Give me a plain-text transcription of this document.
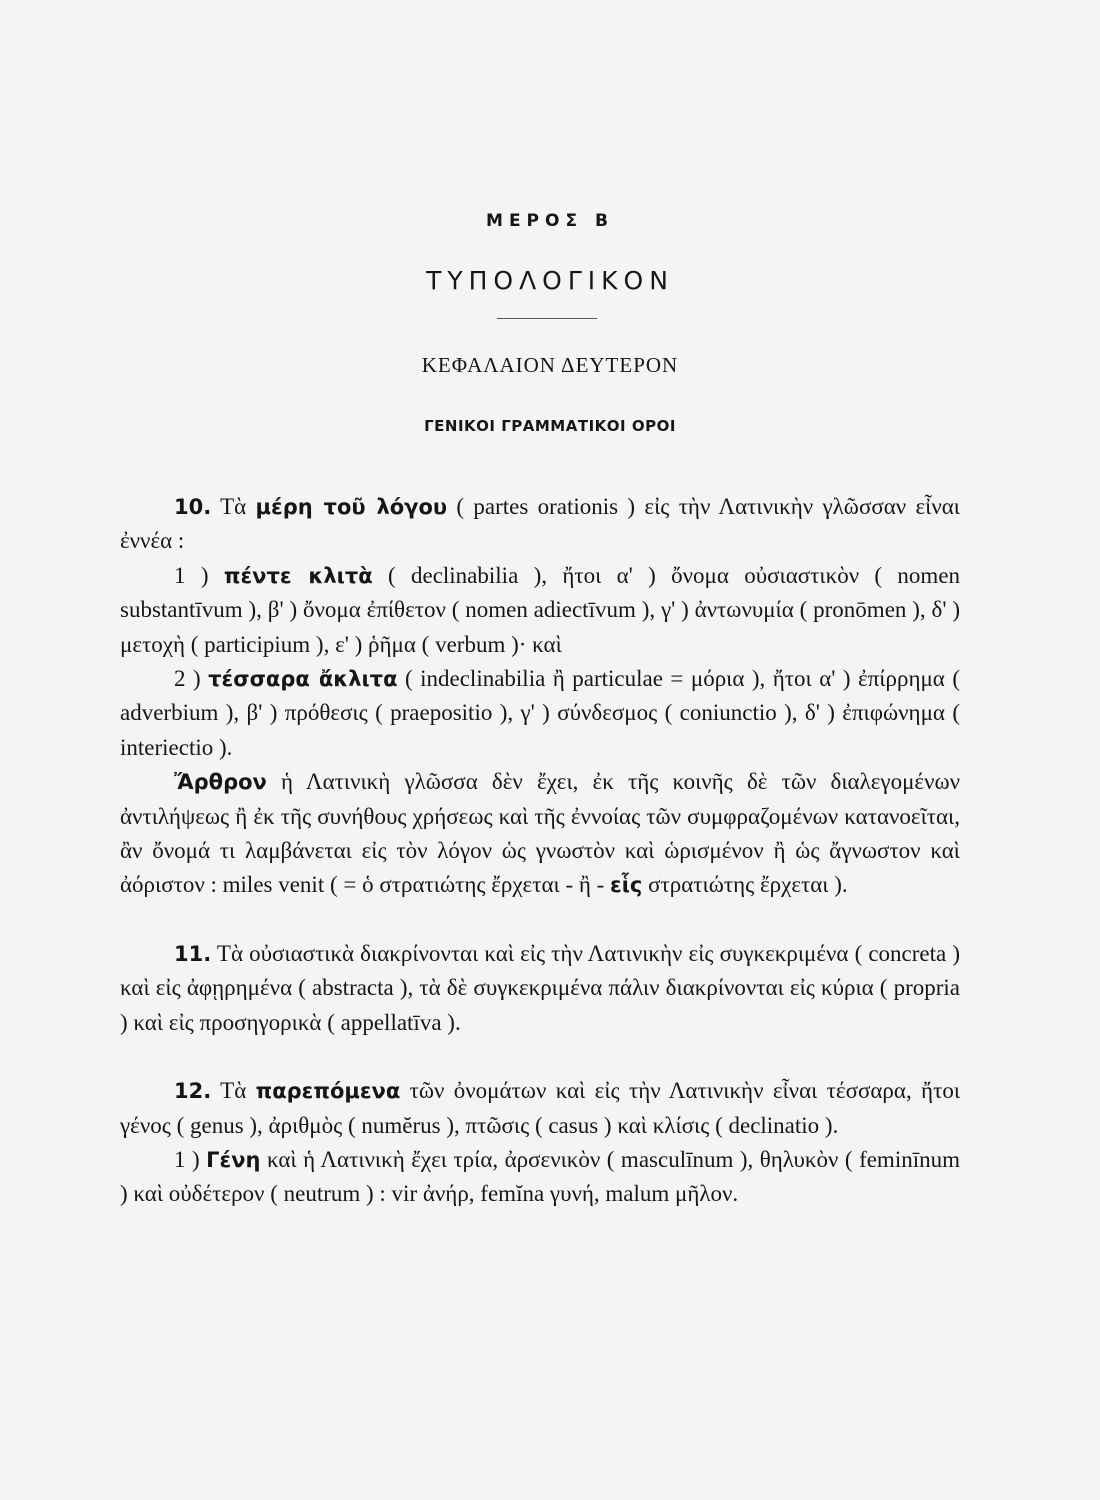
ΜΕΡΟΣ Β
ΤΥΠΟΛΟΓΙΚΟΝ
ΚΕΦΑΛΑΙΟΝ ΔΕΥΤΕΡΟΝ
ΓΕΝΙΚΟΙ ΓΡΑΜΜΑΤΙΚΟΙ ΟΡΟΙ

10. Τὰ μέρη τοῦ λόγου ( partes orationis ) εἰς τὴν Λατινικὴν γλῶσσαν εἶναι ἐννέα :

1 ) πέντε κλιτὰ ( declinabilia ), ἤτοι α' ) ὄνομα οὐσιαστικὸν ( nomen substantīvum ), β' ) ὄνομα ἐπίθετον ( nomen adiectīvum ), γ' ) ἀντωνυμία ( pronōmen ), δ' ) μετοχὴ ( participium ), ε' ) ῥῆμα ( verbum )· καὶ

2 ) τέσσαρα ἄκλιτα ( indeclinabilia ἢ particulae = μόρια ), ἤτοι α' ) ἐπίρρημα ( adverbium ), β' ) πρόθεσις ( praepositio ), γ' ) σύνδεσμος ( coniunctio ), δ' ) ἐπιφώνημα ( interiectio ).

Ἄρθρον ἡ Λατινικὴ γλῶσσα δὲν ἔχει, ἐκ τῆς κοινῆς δὲ τῶν διαλεγομένων ἀντιλήψεως ἢ ἐκ τῆς συνήθους χρήσεως καὶ τῆς ἐννοίας τῶν συμφραζομένων κατανοεῖται, ἂν ὄνομά τι λαμβάνεται εἰς τὸν λόγον ὡς γνωστὸν καὶ ὡρισμένον ἢ ὡς ἄγνωστον καὶ ἀόριστον : miles venit ( = ὁ στρατιώτης ἔρχεται - ἢ - εἷς στρατιώτης ἔρχεται ).

11. Τὰ οὐσιαστικὰ διακρίνονται καὶ εἰς τὴν Λατινικὴν εἰς συγκεκριμένα ( concreta ) καὶ εἰς ἀφῃρημένα ( abstracta ), τὰ δὲ συγκεκριμένα πάλιν διακρίνονται εἰς κύρια ( propria ) καὶ εἰς προσηγορικὰ ( appellatīva ).

12. Τὰ παρεπόμενα τῶν ὀνομάτων καὶ εἰς τὴν Λατινικὴν εἶναι τέσσαρα, ἤτοι γένος ( genus ), ἀριθμὸς ( numĕrus ), πτῶσις ( casus ) καὶ κλίσις ( declinatio ).

1 ) Γένη καὶ ἡ Λατινικὴ ἔχει τρία, ἀρσενικὸν ( masculīnum ), θηλυκὸν ( feminīnum ) καὶ οὐδέτερον ( neutrum ) : vir ἀνήρ, femĭna γυνή, malum μῆλον.
